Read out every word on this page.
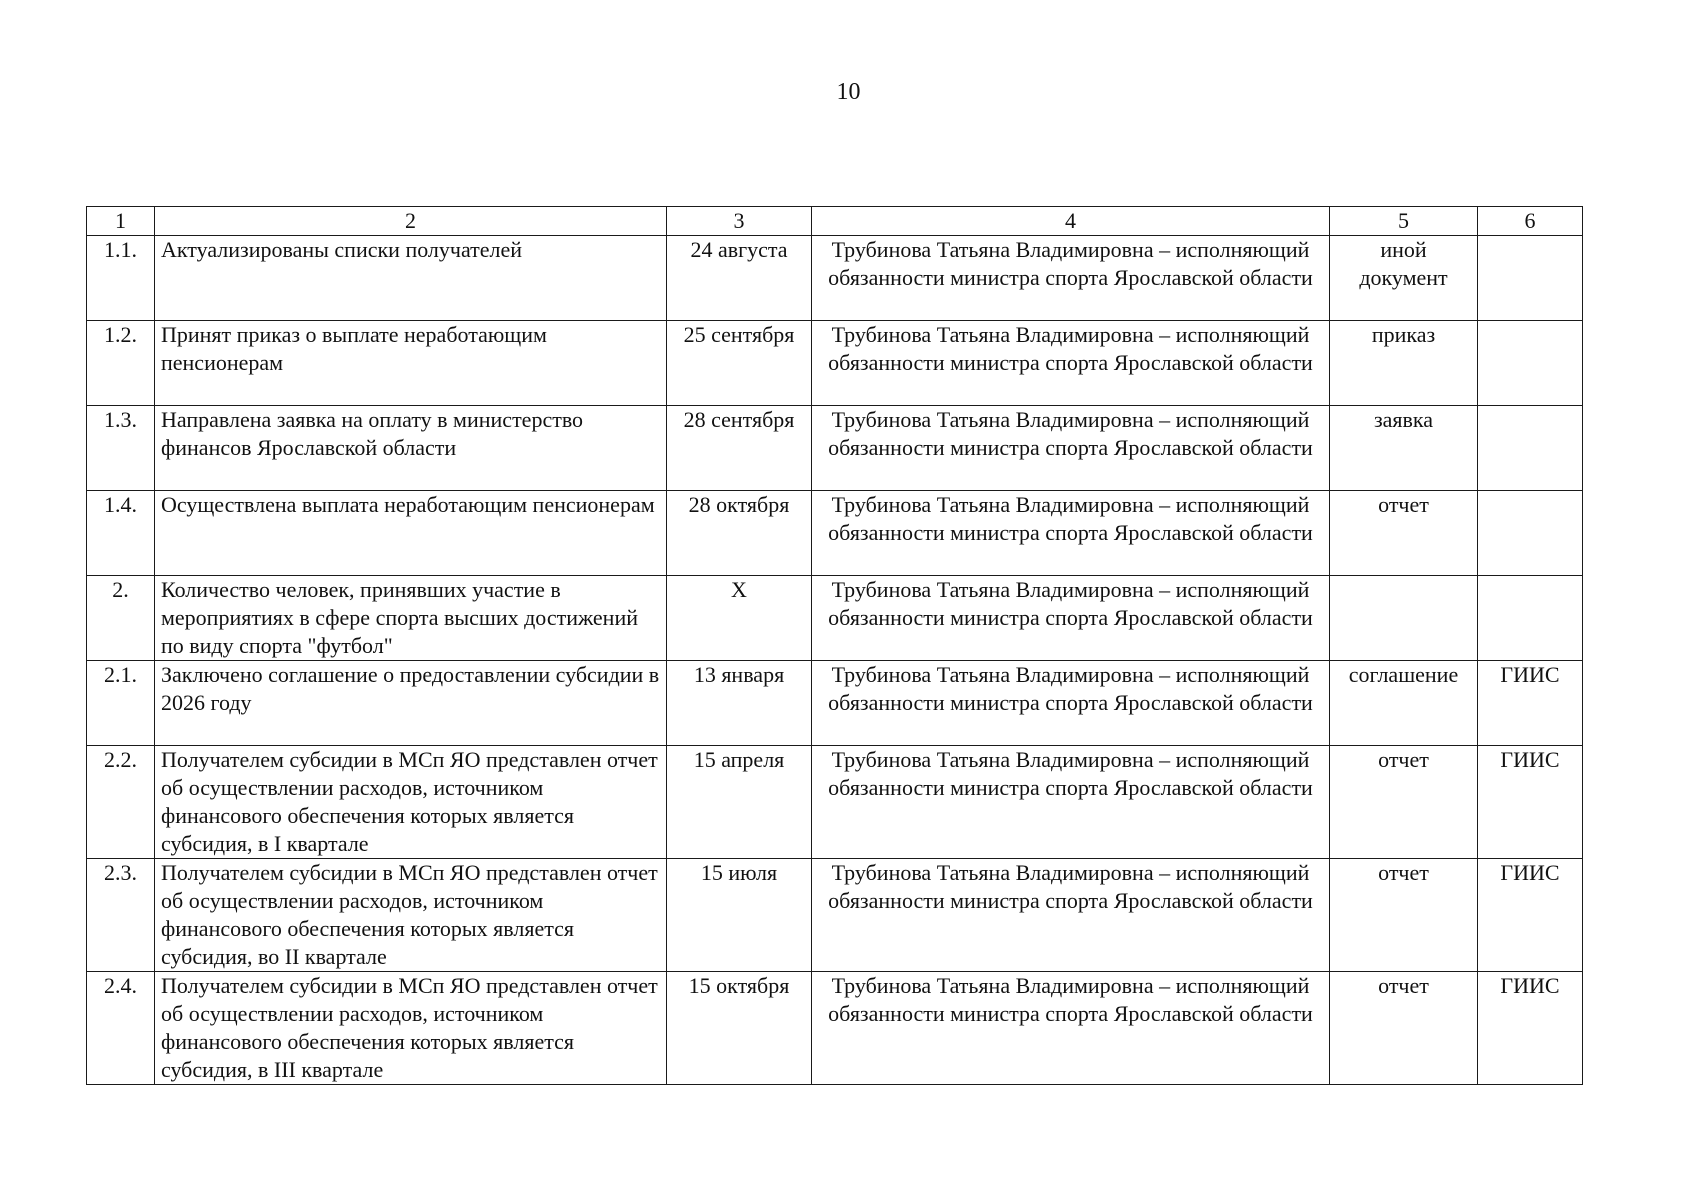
10
1	2	3	4	5	6
1.1.	Актуализированы списки получателей	24 августа	Трубинова Татьяна Владимировна – исполняющий обязанности министра спорта Ярославской области	иной документ	
1.2.	Принят приказ о выплате неработающим пенсионерам	25 сентября	Трубинова Татьяна Владимировна – исполняющий обязанности министра спорта Ярославской области	приказ	
1.3.	Направлена заявка на оплату в министерство финансов Ярославской области	28 сентября	Трубинова Татьяна Владимировна – исполняющий обязанности министра спорта Ярославской области	заявка	
1.4.	Осуществлена выплата неработающим пенсионерам	28 октября	Трубинова Татьяна Владимировна – исполняющий обязанности министра спорта Ярославской области	отчет	
2.	Количество человек, принявших участие в мероприятиях в сфере спорта высших достижений по виду спорта "футбол"	Х	Трубинова Татьяна Владимировна – исполняющий обязанности министра спорта Ярославской области		
2.1.	Заключено соглашение о предоставлении субсидии в 2026 году	13 января	Трубинова Татьяна Владимировна – исполняющий обязанности министра спорта Ярославской области	соглашение	ГИИС
2.2.	Получателем субсидии в МСп ЯО представлен отчет об осуществлении расходов, источником финансового обеспечения которых является субсидия, в I квартале	15 апреля	Трубинова Татьяна Владимировна – исполняющий обязанности министра спорта Ярославской области	отчет	ГИИС
2.3.	Получателем субсидии в МСп ЯО представлен отчет об осуществлении расходов, источником финансового обеспечения которых является субсидия, во II квартале	15 июля	Трубинова Татьяна Владимировна – исполняющий обязанности министра спорта Ярославской области	отчет	ГИИС
2.4.	Получателем субсидии в МСп ЯО представлен отчет об осуществлении расходов, источником финансового обеспечения которых является субсидия, в III квартале	15 октября	Трубинова Татьяна Владимировна – исполняющий обязанности министра спорта Ярославской области	отчет	ГИИС
